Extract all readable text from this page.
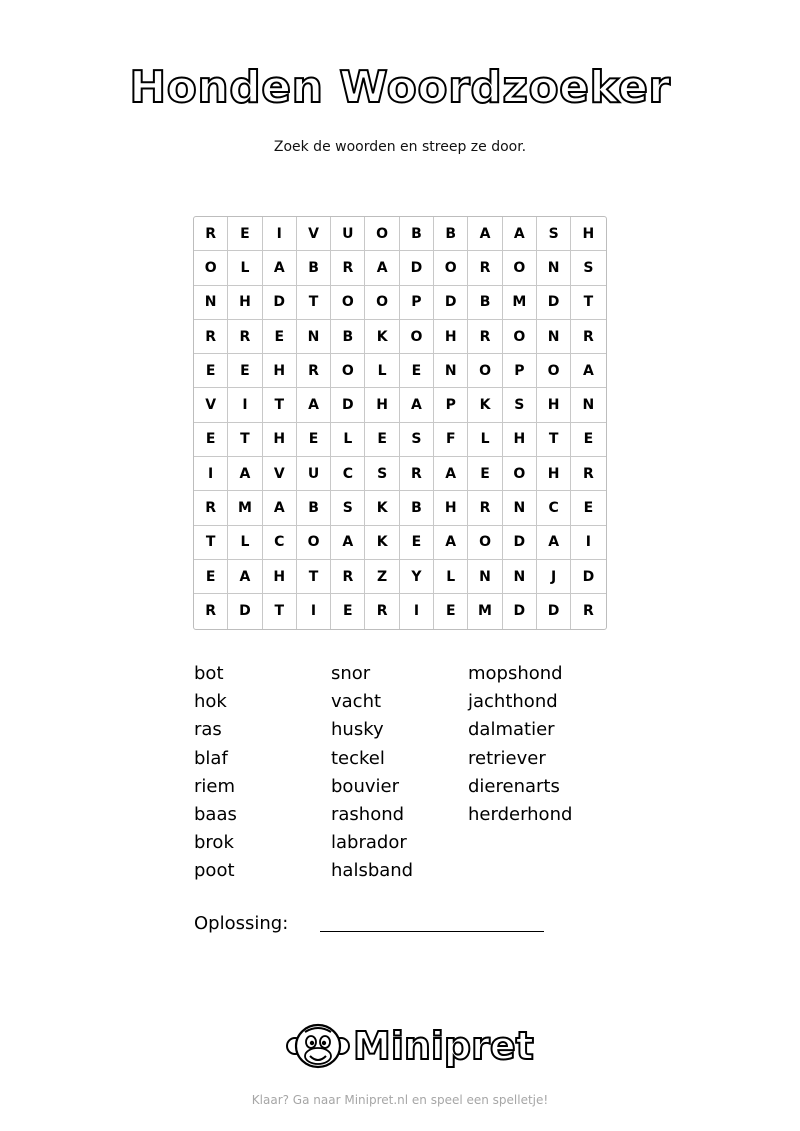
Honden Woordzoeker
Zoek de woorden en streep ze door.
R	E	I	V	U	O	B	B	A	A	S	H
O	L	A	B	R	A	D	O	R	O	N	S
N	H	D	T	O	O	P	D	B	M	D	T
R	R	E	N	B	K	O	H	R	O	N	R
E	E	H	R	O	L	E	N	O	P	O	A
V	I	T	A	D	H	A	P	K	S	H	N
E	T	H	E	L	E	S	F	L	H	T	E
I	A	V	U	C	S	R	A	E	O	H	R
R	M	A	B	S	K	B	H	R	N	C	E
T	L	C	O	A	K	E	A	O	D	A	I
E	A	H	T	R	Z	Y	L	N	N	J	D
R	D	T	I	E	R	I	E	M	D	D	R
bot
hok
ras
blaf
riem
baas
brok
poot
snor
vacht
husky
teckel
bouvier
rashond
labrador
halsband
mopshond
jachthond
dalmatier
retriever
dierenarts
herderhond
Oplossing:
Minipret
Klaar? Ga naar Minipret.nl en speel een spelletje!
